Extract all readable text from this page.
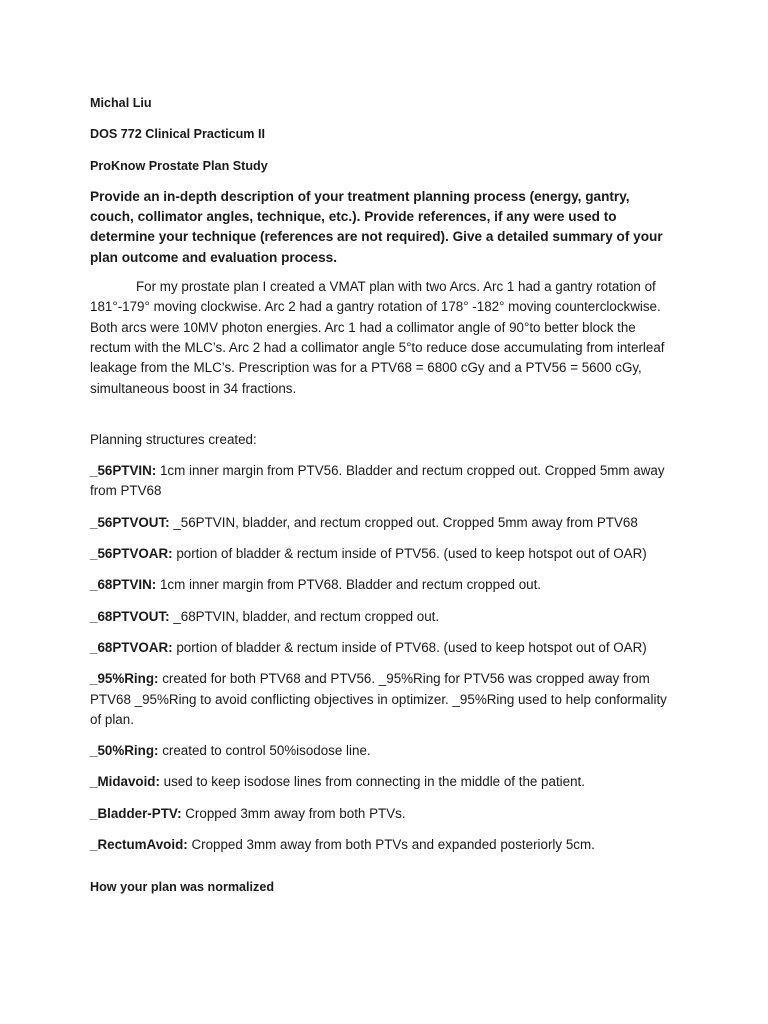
Michal Liu
DOS 772 Clinical Practicum II
ProKnow Prostate Plan Study
Provide an in-depth description of your treatment planning process (energy, gantry, couch, collimator angles, technique, etc.). Provide references, if any were used to determine your technique (references are not required). Give a detailed summary of your plan outcome and evaluation process.
For my prostate plan I created a VMAT plan with two Arcs. Arc 1 had a gantry rotation of 181°-179° moving clockwise. Arc 2 had a gantry rotation of 178° -182° moving counterclockwise. Both arcs were 10MV photon energies. Arc 1 had a collimator angle of 90°to better block the rectum with the MLC’s. Arc 2 had a collimator angle 5°to reduce dose accumulating from interleaf leakage from the MLC’s. Prescription was for a PTV68 = 6800 cGy and a PTV56 = 5600 cGy, simultaneous boost in 34 fractions.
Planning structures created:
_56PTVIN: 1cm inner margin from PTV56. Bladder and rectum cropped out. Cropped 5mm away from PTV68
_56PTVOUT: _56PTVIN, bladder, and rectum cropped out. Cropped 5mm away from PTV68
_56PTVOAR: portion of bladder & rectum inside of PTV56. (used to keep hotspot out of OAR)
_68PTVIN: 1cm inner margin from PTV68. Bladder and rectum cropped out.
_68PTVOUT: _68PTVIN, bladder, and rectum cropped out.
_68PTVOAR: portion of bladder & rectum inside of PTV68. (used to keep hotspot out of OAR)
_95%Ring: created for both PTV68 and PTV56. _95%Ring for PTV56 was cropped away from PTV68 _95%Ring to avoid conflicting objectives in optimizer. _95%Ring used to help conformality of plan.
_50%Ring: created to control 50%isodose line.
_Midavoid: used to keep isodose lines from connecting in the middle of the patient.
_Bladder-PTV: Cropped 3mm away from both PTVs.
_RectumAvoid: Cropped 3mm away from both PTVs and expanded posteriorly 5cm.
How your plan was normalized
